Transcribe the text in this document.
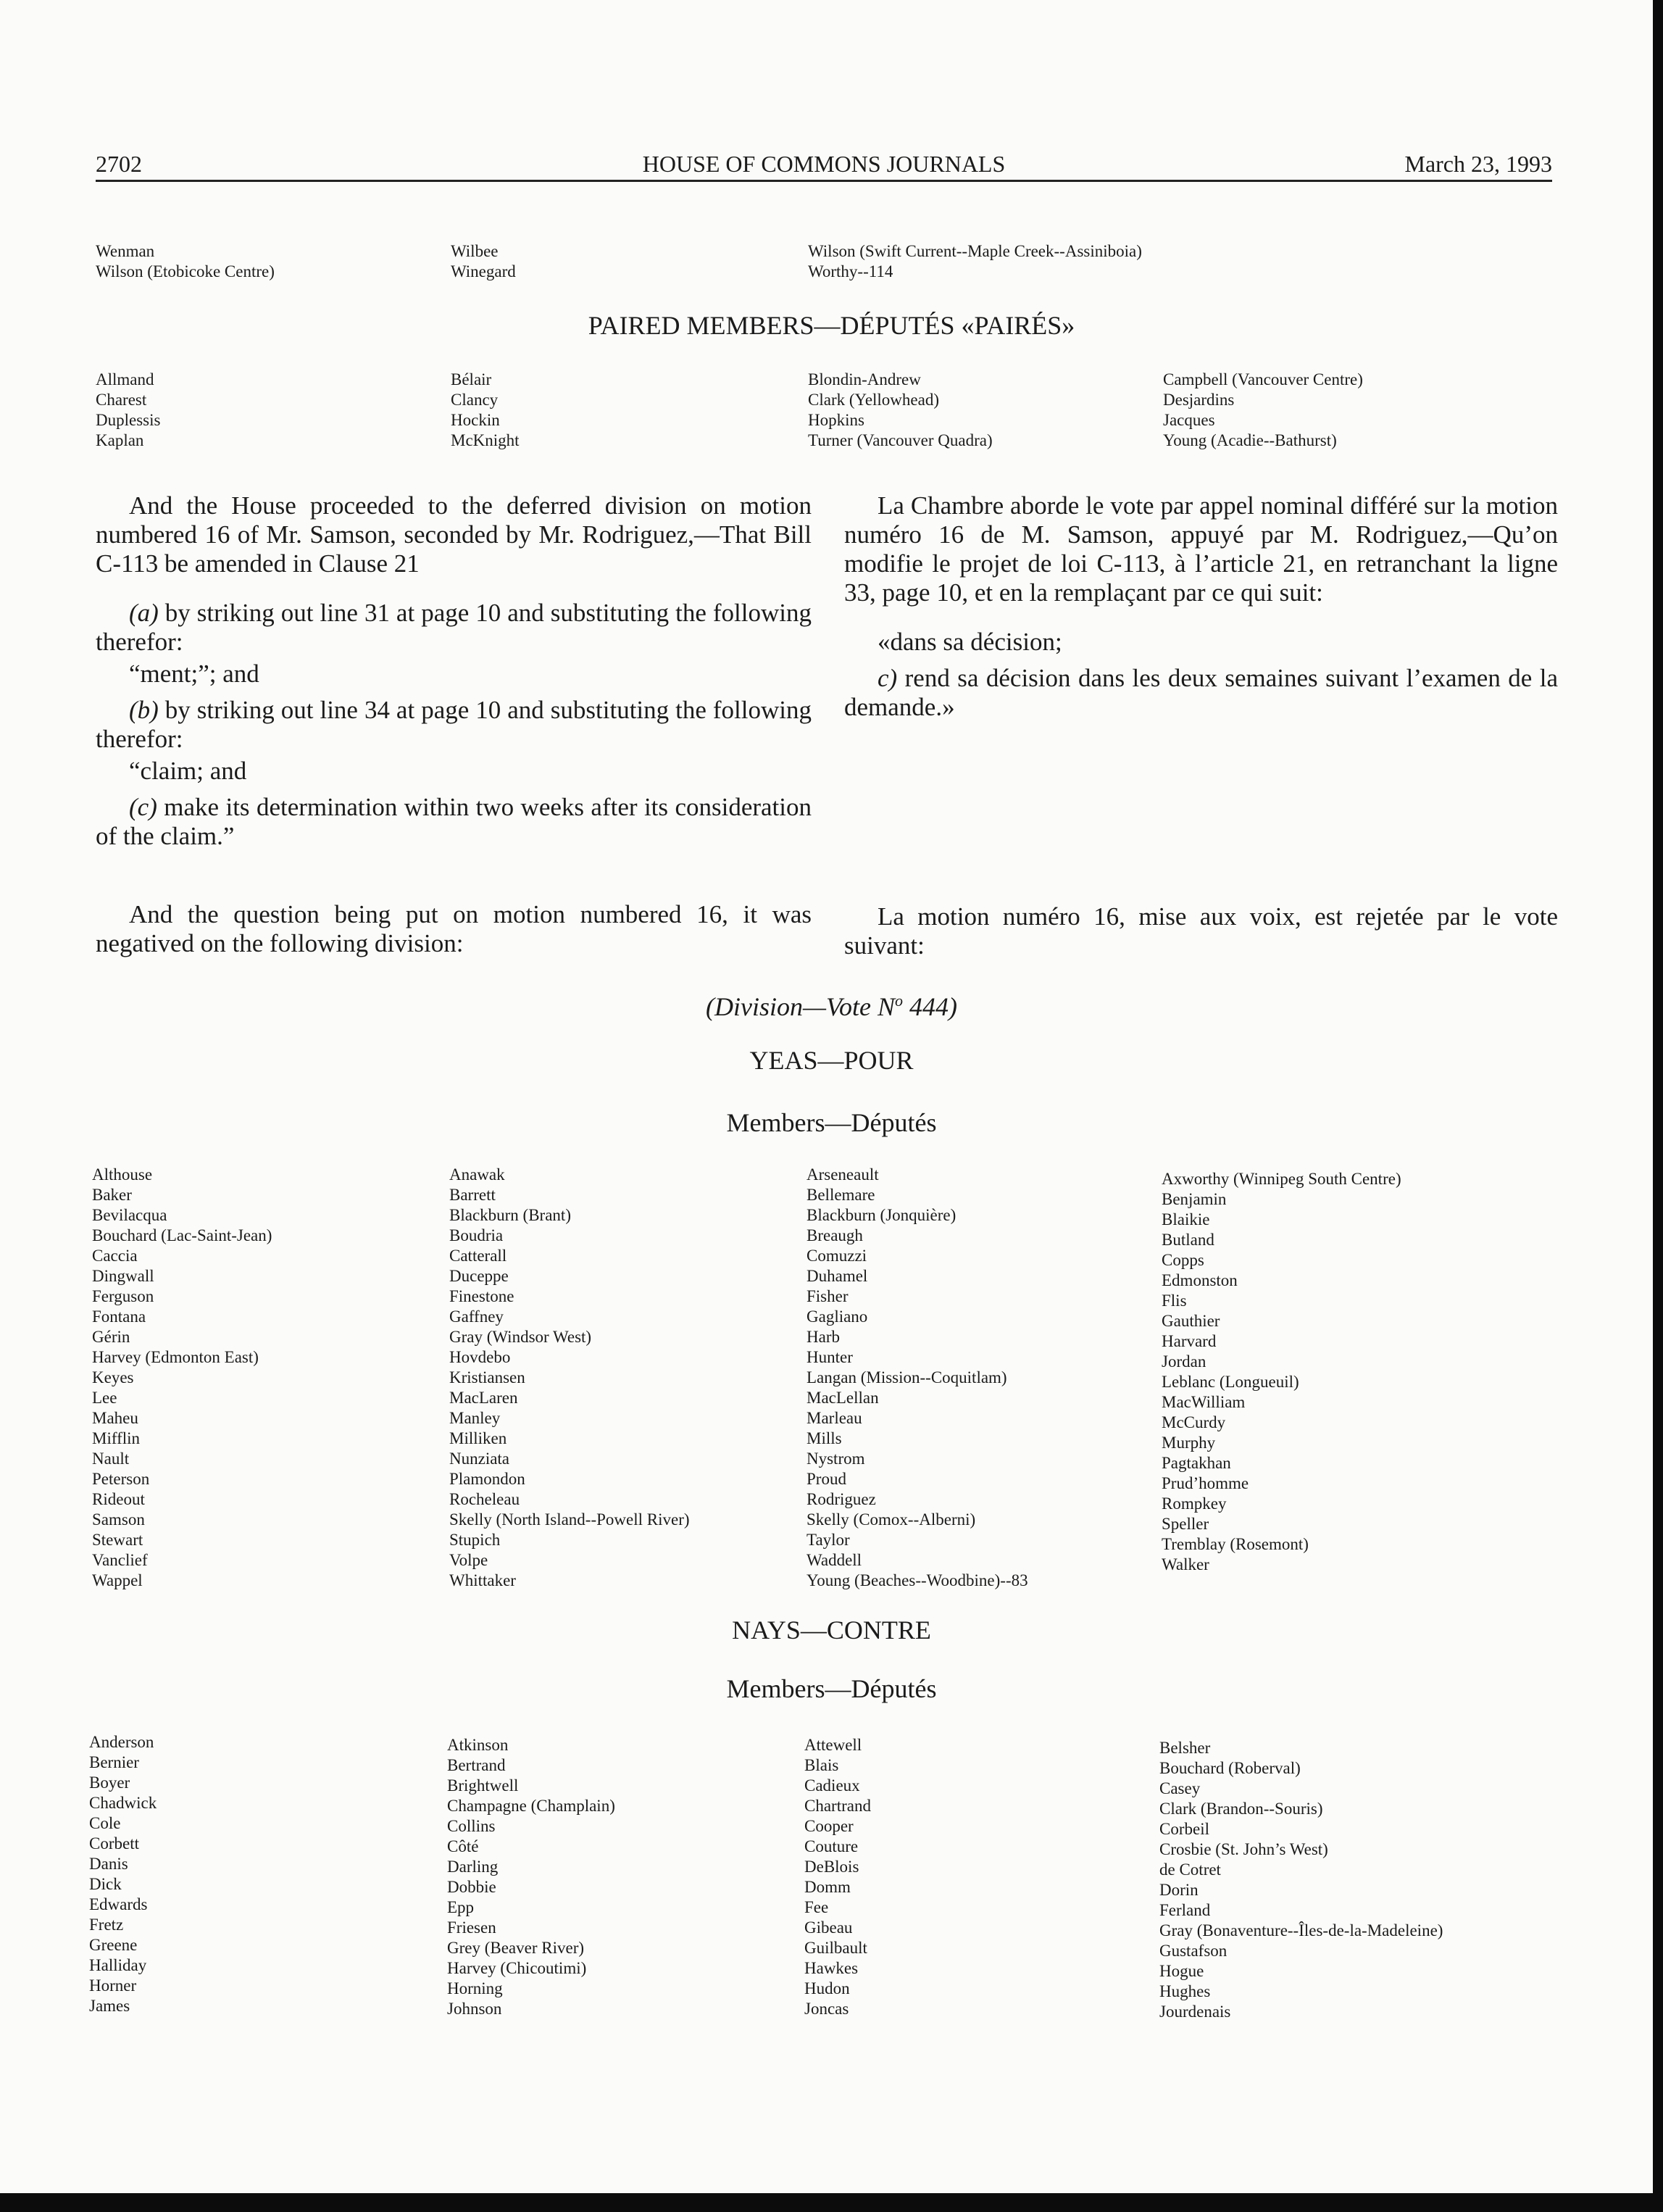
2702	HOUSE OF COMMONS JOURNALS	March 23, 1993
Wenman
Wilson (Etobicoke Centre)
Wilbee
Winegard
Wilson (Swift Current--Maple Creek--Assiniboia)
Worthy--114
PAIRED MEMBERS—DÉPUTÉS «PAIRÉS»
Allmand
Charest
Duplessis
Kaplan
Bélair
Clancy
Hockin
McKnight
Blondin-Andrew
Clark (Yellowhead)
Hopkins
Turner (Vancouver Quadra)
Campbell (Vancouver Centre)
Desjardins
Jacques
Young (Acadie--Bathurst)

And the House proceeded to the deferred division on motion numbered 16 of Mr. Samson, seconded by Mr. Rodriguez,—That Bill C-113 be amended in Clause 21

(a) by striking out line 31 at page 10 and substituting the following therefor:

“ment;”; and

(b) by striking out line 34 at page 10 and substituting the following therefor:

“claim; and

(c) make its determination within two weeks after its consideration of the claim.”

And the question being put on motion numbered 16, it was negatived on the following division:

La Chambre aborde le vote par appel nominal différé sur la motion numéro 16 de M. Samson, appuyé par M. Rodriguez,—Qu’on modifie le projet de loi C-113, à l’article 21, en retranchant la ligne 33, page 10, et en la remplaçant par ce qui suit:

«dans sa décision;

c) rend sa décision dans les deux semaines suivant l’examen de la demande.»

La motion numéro 16, mise aux voix, est rejetée par le vote suivant:

(Division—Vote $N^o$ 444)
YEAS—POUR
Members—Députés
Althouse
Baker
Bevilacqua
Bouchard (Lac-Saint-Jean)
Caccia
Dingwall
Ferguson
Fontana
Gérin
Harvey (Edmonton East)
Keyes
Lee
Maheu
Mifflin
Nault
Peterson
Rideout
Samson
Stewart
Vanclief
Wappel
Anawak
Barrett
Blackburn (Brant)
Boudria
Catterall
Duceppe
Finestone
Gaffney
Gray (Windsor West)
Hovdebo
Kristiansen
MacLaren
Manley
Milliken
Nunziata
Plamondon
Rocheleau
Skelly (North Island--Powell River)
Stupich
Volpe
Whittaker
Arseneault
Bellemare
Blackburn (Jonquière)
Breaugh
Comuzzi
Duhamel
Fisher
Gagliano
Harb
Hunter
Langan (Mission--Coquitlam)
MacLellan
Marleau
Mills
Nystrom
Proud
Rodriguez
Skelly (Comox--Alberni)
Taylor
Waddell
Young (Beaches--Woodbine)--83
Axworthy (Winnipeg South Centre)
Benjamin
Blaikie
Butland
Copps
Edmonston
Flis
Gauthier
Harvard
Jordan
Leblanc (Longueuil)
MacWilliam
McCurdy
Murphy
Pagtakhan
Prud’homme
Rompkey
Speller
Tremblay (Rosemont)
Walker
NAYS—CONTRE
Members—Députés
Anderson
Bernier
Boyer
Chadwick
Cole
Corbett
Danis
Dick
Edwards
Fretz
Greene
Halliday
Horner
James
Atkinson
Bertrand
Brightwell
Champagne (Champlain)
Collins
Côté
Darling
Dobbie
Epp
Friesen
Grey (Beaver River)
Harvey (Chicoutimi)
Horning
Johnson
Attewell
Blais
Cadieux
Chartrand
Cooper
Couture
DeBlois
Domm
Fee
Gibeau
Guilbault
Hawkes
Hudon
Joncas
Belsher
Bouchard (Roberval)
Casey
Clark (Brandon--Souris)
Corbeil
Crosbie (St. John’s West)
de Cotret
Dorin
Ferland
Gray (Bonaventure--Îles-de-la-Madeleine)
Gustafson
Hogue
Hughes
Jourdenais
